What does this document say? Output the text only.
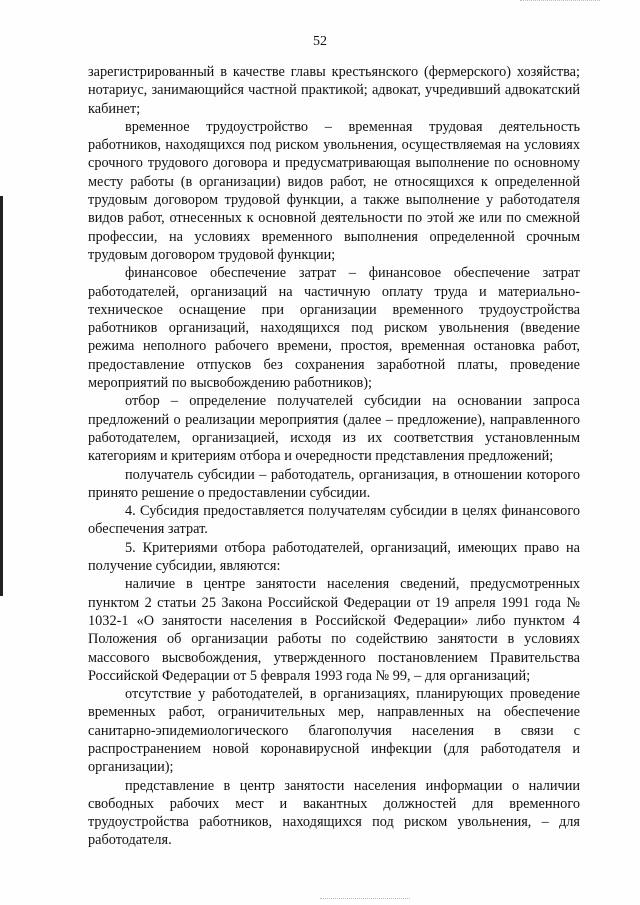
52

зарегистрированный в качестве главы крестьянского (фермерского) хозяйства; нотариус, занимающийся частной практикой; адвокат, учредивший адвокатский кабинет;

временное трудоустройство – временная трудовая деятельность работников, находящихся под риском увольнения, осуществляемая на условиях срочного трудового договора и предусматривающая выполнение по основному месту работы (в организации) видов работ, не относящихся к определенной трудовым договором трудовой функции, а также выполнение у работодателя видов работ, отнесенных к основной деятельности по этой же или по смежной профессии, на условиях временного выполнения определенной срочным трудовым договором трудовой функции;

финансовое обеспечение затрат – финансовое обеспечение затрат работодателей, организаций на частичную оплату труда и материально-техническое оснащение при организации временного трудоустройства работников организаций, находящихся под риском увольнения (введение режима неполного рабочего времени, простоя, временная остановка работ, предоставление отпусков без сохранения заработной платы, проведение мероприятий по высвобождению работников);

отбор – определение получателей субсидии на основании запроса предложений о реализации мероприятия (далее – предложение), направленного работодателем, организацией, исходя из их соответствия установленным категориям и критериям отбора и очередности представления предложений;

получатель субсидии – работодатель, организация, в отношении которого принято решение о предоставлении субсидии.

4. Субсидия предоставляется получателям субсидии в целях финансового обеспечения затрат.

5. Критериями отбора работодателей, организаций, имеющих право на получение субсидии, являются:

наличие в центре занятости населения сведений, предусмотренных пунктом 2 статьи 25 Закона Российской Федерации от 19 апреля 1991 года № 1032-1 «О занятости населения в Российской Федерации» либо пунктом 4 Положения об организации работы по содействию занятости в условиях массового высвобождения, утвержденного постановлением Правительства Российской Федерации от 5 февраля 1993 года № 99, – для организаций;

отсутствие у работодателей, в организациях, планирующих проведение временных работ, ограничительных мер, направленных на обеспечение санитарно-эпидемиологического благополучия населения в связи с распространением новой коронавирусной инфекции (для работодателя и организации);

представление в центр занятости населения информации о наличии свободных рабочих мест и вакантных должностей для временного трудоустройства работников, находящихся под риском увольнения, – для работодателя.
